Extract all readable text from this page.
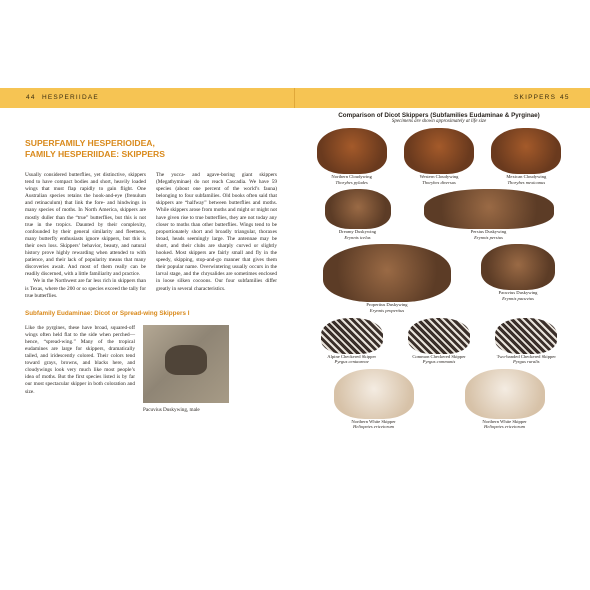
44 HESPERIIDAE	SKIPPERS 45
SUPERFAMILY HESPERIOIDEA,
FAMILY HESPERIIDAE: SKIPPERS

Usually considered butterflies, yet distinctive, skippers tend to have compact bodies and short, heavily loaded wings that must flap rapidly to gain flight. One Australian species retains the hook-and-eye (frenulum and retinaculum) that link the fore- and hindwings in many species of moths. In North America, skippers are mostly duller than the “true” butterflies, but this is not true in the tropics. Daunted by their complexity, confounded by their general similarity and fleetness, many butterfly enthusiasts ignore skippers, but this is their own loss. Skippers’ behavior, beauty, and natural history prove highly rewarding when attended to with patience, and their lack of popularity means that many discoveries await. And most of them really can be readily discerned, with a little familiarity and practice.

We in the Northwest are far less rich in skippers than is Texas, where the 200 or so species exceed the tally for true butterflies.

The yucca- and agave-boring giant skippers (Megathyminae) do not reach Cascadia. We have 59 species (about one percent of the world’s fauna) belonging to four subfamilies. Old books often said that skippers are “halfway” between butterflies and moths. While skippers arose from moths and might or might not have given rise to true butterflies, they are not today any closer to moths than other butterflies. Wings tend to be proportionately short and broadly triangular, thoraxes broad, heads seemingly large. The antennae may be short, and their clubs are sharply curved or slightly hooked. Most skippers are fairly small and fly in the speedy, skipping, stop-and-go manner that gives them their popular name. Overwintering usually occurs in the larval stage, and the chrysalides are sometimes enclosed in loose silken cocoons. Our four subfamilies differ greatly in several characteristics.

Subfamily Eudaminae: Dicot or Spread-wing Skippers I

Like the pyrgines, these have broad, squared-off wings often held flat to the side when perched—hence, “spread-wing.” Many of the tropical eudamines are large for skippers, dramatically tailed, and iridescently colored. Their colors tend toward grays, browns, and blacks here, and cloudywings look very much like most people’s idea of moths. But the first species listed is by far our most spectacular skipper in both coloration and size.

Pacuvius Duskywing, male
Comparison of Dicot Skippers (Subfamilies Eudaminae & Pyrginae)
Specimens are shown approximately at life size
Northern Cloudywing
Thorybes pylades
Western Cloudywing
Thorybes diversus
Mexican Cloudywing
Thorybes mexicanus
Dreamy Duskywing
Erynnis icelus
Persius Duskywing
Erynnis persius
Propertius Duskywing
Erynnis propertius
Pacuvius Duskywing
Erynnis pacuvius
Alpine Checkered Skipper
Pyrgus centaureae
Common Checkered Skipper
Pyrgus communis
Two-banded Checkered Skipper
Pyrgus ruralis
Northern White Skipper
Heliopetes ericetorum
Northern White Skipper
Heliopetes ericetorum
